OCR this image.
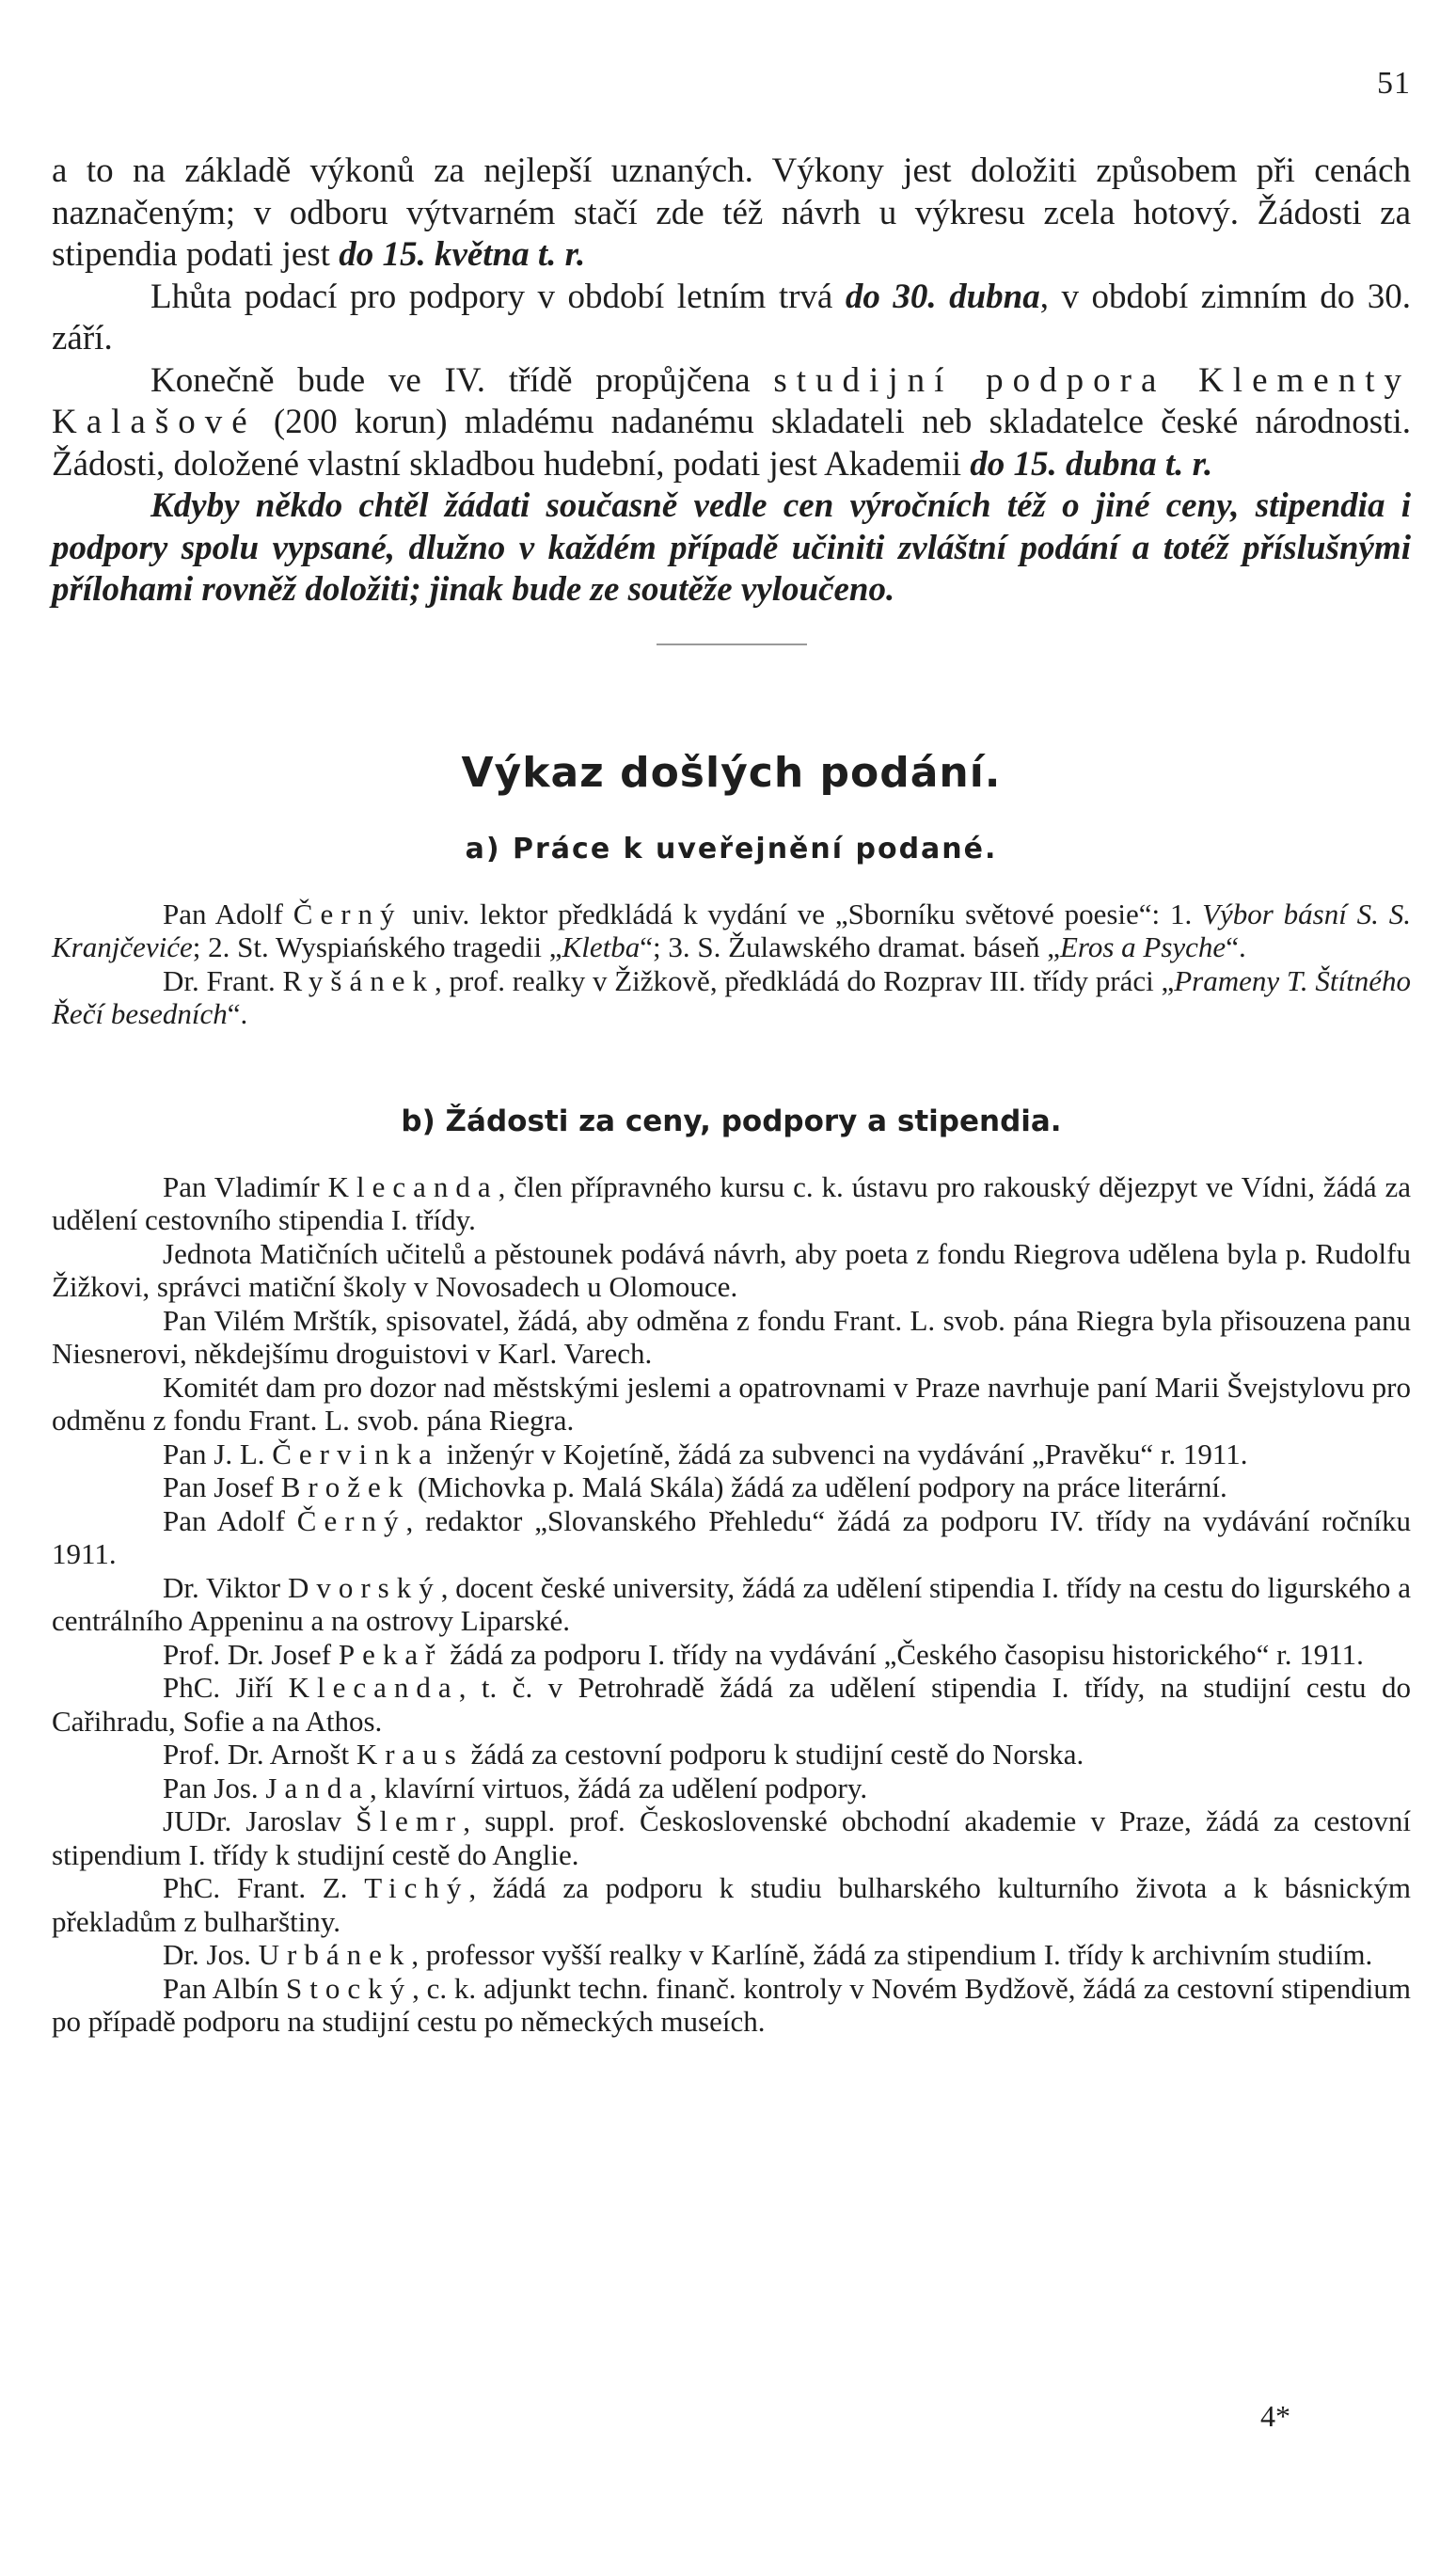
51

a to na základě výkonů za nejlepší uznaných. Výkony jest doložiti způsobem při cenách naznačeným; v odboru výtvarném stačí zde též návrh u výkresu zcela hotový. Žádosti za stipendia podati jest do 15. května t. r.

Lhůta podací pro podpory v období letním trvá do 30. dubna, v období zimním do 30. září.

Konečně bude ve IV. třídě propůjčena studijní podpora Klementy Kalašové (200 korun) mladému nadanému skladateli neb skladatelce české národnosti. Žádosti, doložené vlastní skladbou hudební, podati jest Akademii do 15. dubna t. r.

Kdyby někdo chtěl žádati současně vedle cen výročních též o jiné ceny, stipendia i podpory spolu vypsané, dlužno v každém případě učiniti zvláštní podání a totéž příslušnými přílohami rovněž doložiti; jinak bude ze soutěže vyloučeno.

Výkaz došlých podání.
a) Práce k uveřejnění podané.

Pan Adolf Černý univ. lektor předkládá k vydání ve „Sborníku světové poesie“: 1. Výbor básní S. S. Kranjčeviće; 2. St. Wyspiańského tragedii „Kletba“; 3. S. Žulawského dramat. báseň „Eros a Psyche“.

Dr. Frant. Ryšánek, prof. realky v Žižkově, předkládá do Rozprav III. třídy práci „Prameny T. Štítného Řečí besedních“.

b) Žádosti za ceny, podpory a stipendia.

Pan Vladimír Klecanda, člen přípravného kursu c. k. ústavu pro rakouský dějezpyt ve Vídni, žádá za udělení cestovního stipendia I. třídy.

Jednota Matičních učitelů a pěstounek podává návrh, aby poeta z fondu Riegrova udělena byla p. Rudolfu Žižkovi, správci matiční školy v Novosadech u Olomouce.

Pan Vilém Mrštík, spisovatel, žádá, aby odměna z fondu Frant. L. svob. pána Riegra byla přisouzena panu Niesnerovi, někdejšímu droguistovi v Karl. Varech.

Komitét dam pro dozor nad městskými jeslemi a opatrovnami v Praze navrhuje paní Marii Švejstylovu pro odměnu z fondu Frant. L. svob. pána Riegra.

Pan J. L. Červinka inženýr v Kojetíně, žádá za subvenci na vydávání „Pravěku“ r. 1911.

Pan Josef Brožek (Michovka p. Malá Skála) žádá za udělení podpory na práce literární.

Pan Adolf Černý, redaktor „Slovanského Přehledu“ žádá za podporu IV. třídy na vydávání ročníku 1911.

Dr. Viktor Dvorský, docent české university, žádá za udělení stipendia I. třídy na cestu do ligurského a centrálního Appeninu a na ostrovy Liparské.

Prof. Dr. Josef Pekař žádá za podporu I. třídy na vydávání „Českého časopisu historického“ r. 1911.

PhC. Jiří Klecanda, t. č. v Petrohradě žádá za udělení stipendia I. třídy, na studijní cestu do Cařihradu, Sofie a na Athos.

Prof. Dr. Arnošt Kraus žádá za cestovní podporu k studijní cestě do Norska.

Pan Jos. Janda, klavírní virtuos, žádá za udělení podpory.

JUDr. Jaroslav Šlemr, suppl. prof. Československé obchodní akademie v Praze, žádá za cestovní stipendium I. třídy k studijní cestě do Anglie.

PhC. Frant. Z. Tichý, žádá za podporu k studiu bulharského kulturního života a k básnickým překladům z bulharštiny.

Dr. Jos. Urbánek, professor vyšší realky v Karlíně, žádá za stipendium I. třídy k archivním studiím.

Pan Albín Stocký, c. k. adjunkt techn. finanč. kontroly v Novém Bydžově, žádá za cestovní stipendium po případě podporu na studijní cestu po německých museích.

4*
